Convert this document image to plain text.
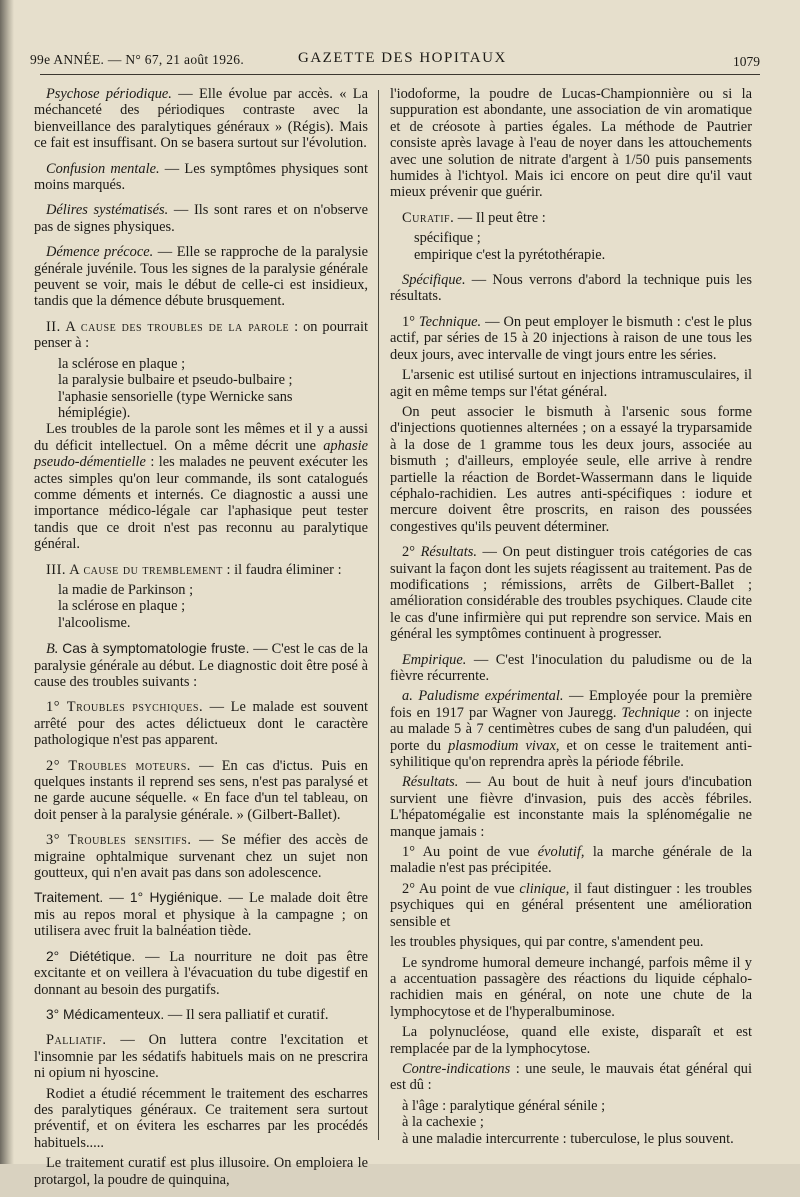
99e ANNÉE. — N° 67, 21 août 1926.	GAZETTE DES HOPITAUX	1079

Psychose périodique. — Elle évolue par accès. « La méchanceté des périodiques contraste avec la bienveillance des paralytiques généraux » (Régis). Mais ce fait est insuffisant. On se basera surtout sur l'évolution.

Confusion mentale. — Les symptômes physiques sont moins marqués.

Délires systématisés. — Ils sont rares et on n'observe pas de signes physiques.

Démence précoce. — Elle se rapproche de la paralysie générale juvénile. Tous les signes de la paralysie générale peuvent se voir, mais le début de celle-ci est insidieux, tandis que la démence débute brusquement.

II. A cause des troubles de la parole : on pourrait penser à :

la sclérose en plaque ;
la paralysie bulbaire et pseudo-bulbaire ;
l'aphasie sensorielle (type Wernicke sans hémiplégie).

Les troubles de la parole sont les mêmes et il y a aussi du déficit intellectuel. On a même décrit une aphasie pseudo-démentielle : les malades ne peuvent exécuter les actes simples qu'on leur commande, ils sont catalogués comme déments et internés. Ce diagnostic a aussi une importance médico-légale car l'aphasique peut tester tandis que ce droit n'est pas reconnu au paralytique général.

III. A cause du tremblement : il faudra éliminer :

la madie de Parkinson ;
la sclérose en plaque ;
l'alcoolisme.

B. Cas à symptomatologie fruste. — C'est le cas de la paralysie générale au début. Le diagnostic doit être posé à cause des troubles suivants :

1° Troubles psychiques. — Le malade est souvent arrêté pour des actes délictueux dont le caractère pathologique n'est pas apparent.

2° Troubles moteurs. — En cas d'ictus. Puis en quelques instants il reprend ses sens, n'est pas paralysé et ne garde aucune séquelle. « En face d'un tel tableau, on doit penser à la paralysie générale. » (Gilbert-Ballet).

3° Troubles sensitifs. — Se méfier des accès de migraine ophtalmique survenant chez un sujet non goutteux, qui n'en avait pas dans son adolescence.

Traitement. — 1° Hygiénique. — Le malade doit être mis au repos moral et physique à la campagne ; on utilisera avec fruit la balnéation tiède.

2° Diététique. — La nourriture ne doit pas être excitante et on veillera à l'évacuation du tube digestif en donnant au besoin des purgatifs.

3° Médicamenteux. — Il sera palliatif et curatif.

Palliatif. — On luttera contre l'excitation et l'insomnie par les sédatifs habituels mais on ne prescrira ni opium ni hyoscine.

Rodiet a étudié récemment le traitement des escharres des paralytiques généraux. Ce traitement sera surtout préventif, et on évitera les escharres par les procédés habituels.....

Le traitement curatif est plus illusoire. On emploiera le protargol, la poudre de quinquina,

l'iodoforme, la poudre de Lucas-Championnière ou si la suppuration est abondante, une association de vin aromatique et de créosote à parties égales. La méthode de Pautrier consiste après lavage à l'eau de noyer dans les attouchements avec une solution de nitrate d'argent à 1/50 puis pansements humides à l'ichtyol. Mais ici encore on peut dire qu'il vaut mieux prévenir que guérir.

Curatif. — Il peut être :

spécifique ;
empirique c'est la pyrétothérapie.

Spécifique. — Nous verrons d'abord la technique puis les résultats.

1° Technique. — On peut employer le bismuth : c'est le plus actif, par séries de 15 à 20 injections à raison de une tous les deux jours, avec intervalle de vingt jours entre les séries.

L'arsenic est utilisé surtout en injections intramusculaires, il agit en même temps sur l'état général.

On peut associer le bismuth à l'arsenic sous forme d'injections quotiennes alternées ; on a essayé la tryparsamide à la dose de 1 gramme tous les deux jours, associée au bismuth ; d'ailleurs, employée seule, elle arrive à rendre partielle la réaction de Bordet-Wassermann dans le liquide céphalo-rachidien. Les autres anti-spécifiques : iodure et mercure doivent être proscrits, en raison des poussées congestives qu'ils peuvent déterminer.

2° Résultats. — On peut distinguer trois catégories de cas suivant la façon dont les sujets réagissent au traitement. Pas de modifications ; rémissions, arrêts de Gilbert-Ballet ; amélioration considérable des troubles psychiques. Claude cite le cas d'une infirmière qui put reprendre son service. Mais en général les symptômes continuent à progresser.

Empirique. — C'est l'inoculation du paludisme ou de la fièvre récurrente.

a. Paludisme expérimental. — Employée pour la première fois en 1917 par Wagner von Jauregg. Technique : on injecte au malade 5 à 7 centimètres cubes de sang d'un paludéen, qui porte du plasmodium vivax, et on cesse le traitement anti-syhilitique qu'on reprendra après la période fébrile.

Résultats. — Au bout de huit à neuf jours d'incubation survient une fièvre d'invasion, puis des accès fébriles. L'hépatomégalie est inconstante mais la splénomégalie ne manque jamais :

1° Au point de vue évolutif, la marche générale de la maladie n'est pas précipitée.

2° Au point de vue clinique, il faut distinguer : les troubles psychiques qui en général présentent une amélioration sensible et

les troubles physiques, qui par contre, s'amendent peu.

Le syndrome humoral demeure inchangé, parfois même il y a accentuation passagère des réactions du liquide céphalo-rachidien mais en général, on note une chute de la lymphocytose et de l'hyperalbuminose.

La polynucléose, quand elle existe, disparaît et est remplacée par de la lymphocytose.

Contre-indications : une seule, le mauvais état général qui est dû :

à l'âge : paralytique général sénile ;
à la cachexie ;
à une maladie intercurrente : tuberculose, le plus souvent.
